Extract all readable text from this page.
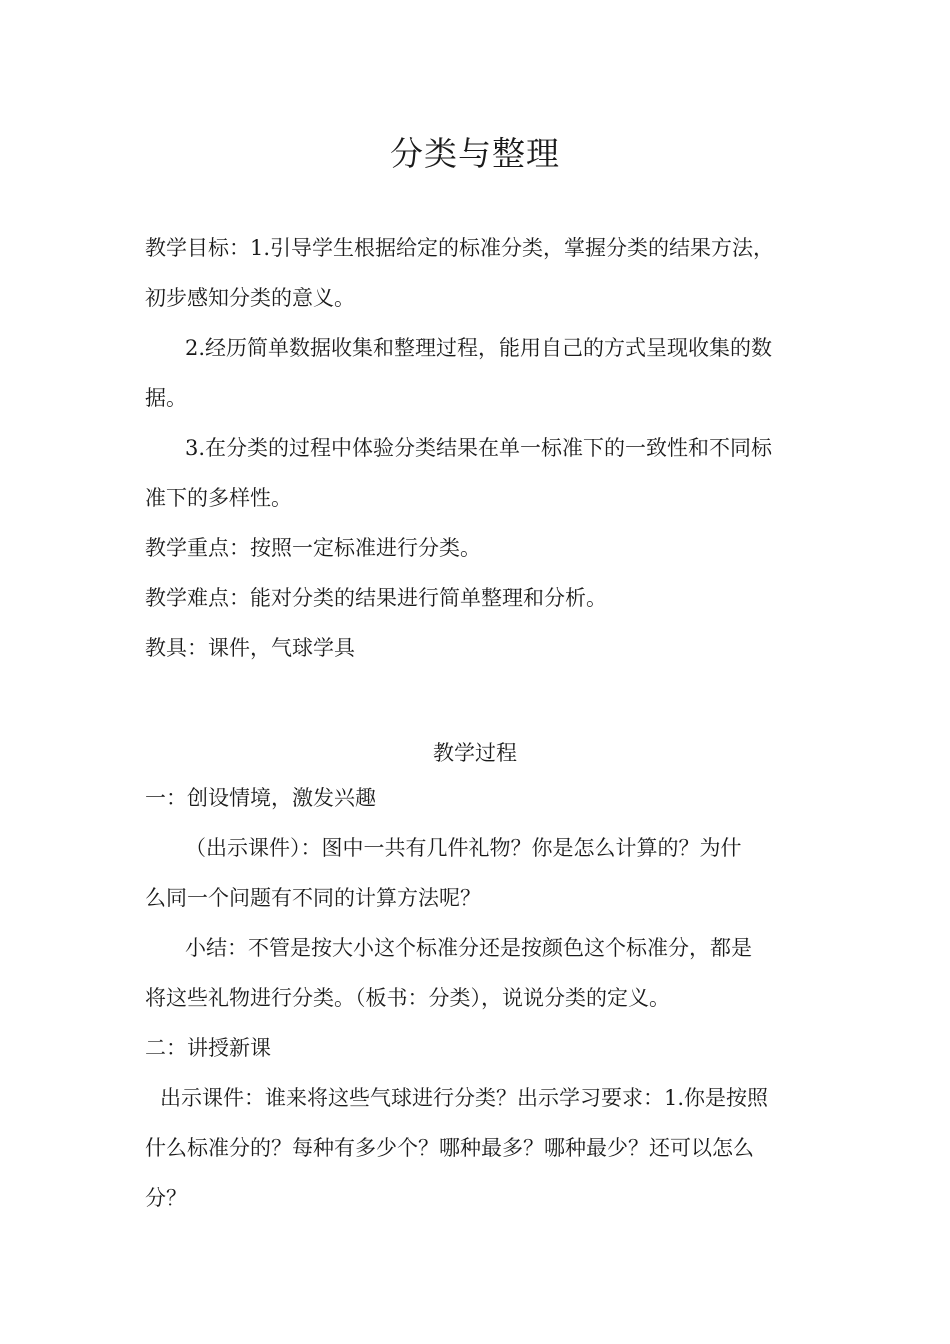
分类与整理
教学目标：1.引导学生根据给定的标准分类，掌握分类的结果方法，
初步感知分类的意义。
2.经历简单数据收集和整理过程，能用自己的方式呈现收集的数
据。
3.在分类的过程中体验分类结果在单一标准下的一致性和不同标
准下的多样性。
教学重点：按照一定标准进行分类。
教学难点：能对分类的结果进行简单整理和分析。
教具：课件，气球学具
教学过程
一：创设情境，激发兴趣
（出示课件）：图中一共有几件礼物？你是怎么计算的？为什
么同一个问题有不同的计算方法呢？
小结：不管是按大小这个标准分还是按颜色这个标准分，都是
将这些礼物进行分类。（板书：分类），说说分类的定义。
二：讲授新课
出示课件：谁来将这些气球进行分类？出示学习要求：1.你是按照
什么标准分的？每种有多少个？哪种最多？哪种最少？还可以怎么
分？
